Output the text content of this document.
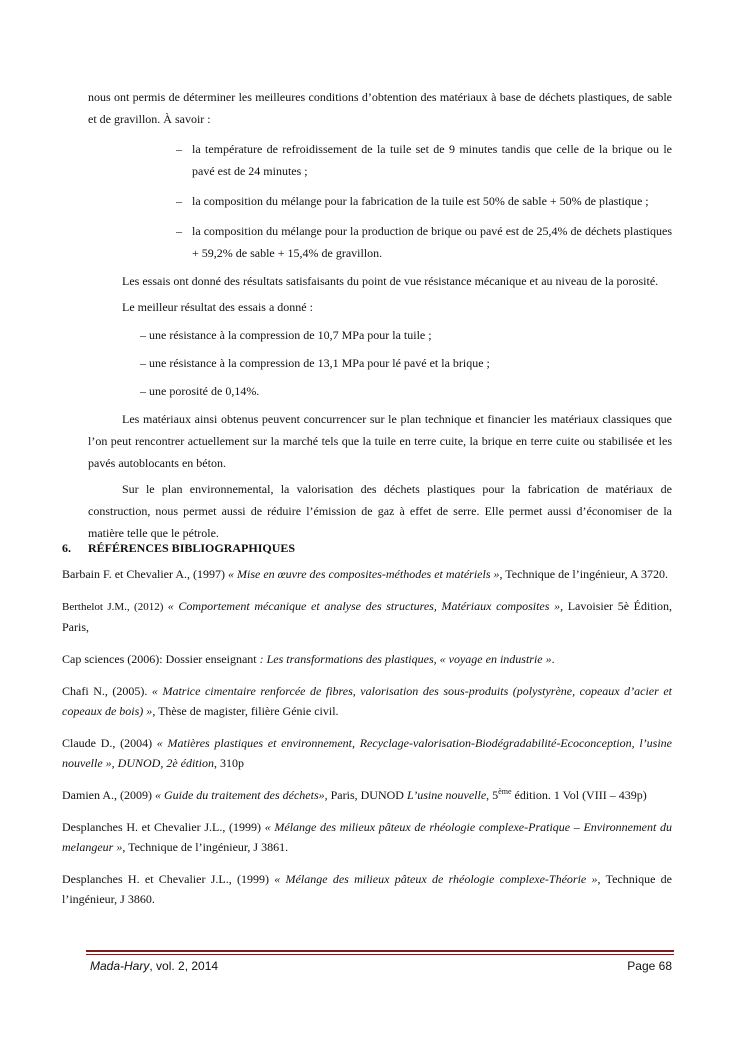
nous ont permis de déterminer les meilleures conditions d’obtention des matériaux à base de déchets plastiques, de sable et de gravillon. À savoir :

– la température de refroidissement de la tuile set de 9 minutes tandis que celle de la brique ou le pavé est de 24 minutes ;
– la composition du mélange pour la fabrication de la tuile est 50% de sable + 50% de plastique ;
– la composition du mélange pour la production de brique ou pavé est de 25,4% de déchets plastiques + 59,2% de sable + 15,4% de gravillon.

Les essais ont donné des résultats satisfaisants du point de vue résistance mécanique et au niveau de la porosité.

Le meilleur résultat des essais a donné :

– une résistance à la compression de 10,7 MPa pour la tuile ;

– une résistance à la compression de 13,1 MPa pour lé pavé et la brique ;

– une porosité de 0,14%.

Les matériaux ainsi obtenus peuvent concurrencer sur le plan technique et financier les matériaux classiques que l’on peut rencontrer actuellement sur la marché tels que la tuile en terre cuite, la brique en terre cuite ou stabilisée et les pavés autoblocants en béton.

Sur le plan environnemental, la valorisation des déchets plastiques pour la fabrication de matériaux de construction, nous permet aussi de réduire l’émission de gaz à effet de serre. Elle permet aussi d’économiser de la matière telle que le pétrole.

6. RÉFÉRENCES BIBLIOGRAPHIQUES

Barbain F. et Chevalier A., (1997) « Mise en œuvre des composites-méthodes et matériels », Technique de l’ingénieur, A 3720.

Berthelot J.M., (2012) « Comportement mécanique et analyse des structures, Matériaux composites », Lavoisier 5è Édition, Paris,

Cap sciences (2006): Dossier enseignant : Les transformations des plastiques, « voyage en industrie ».

Chafi N., (2005). « Matrice cimentaire renforcée de fibres, valorisation des sous-produits (polystyrène, copeaux d’acier et copeaux de bois) », Thèse de magister, filière Génie civil.

Claude D., (2004) « Matières plastiques et environnement, Recyclage-valorisation-Biodégradabilité-Ecoconception, l’usine nouvelle », DUNOD, 2è édition, 310p

Damien A., (2009) « Guide du traitement des déchets», Paris, DUNOD L’usine nouvelle, 5ème édition. 1 Vol (VIII – 439p)

Desplanches H. et Chevalier J.L., (1999) « Mélange des milieux pâteux de rhéologie complexe-Pratique – Environnement du melangeur », Technique de l’ingénieur, J 3861.

Desplanches H. et Chevalier J.L., (1999) « Mélange des milieux pâteux de rhéologie complexe-Théorie », Technique de l’ingénieur, J 3860.

Mada-Hary, vol. 2, 2014	Page 68
